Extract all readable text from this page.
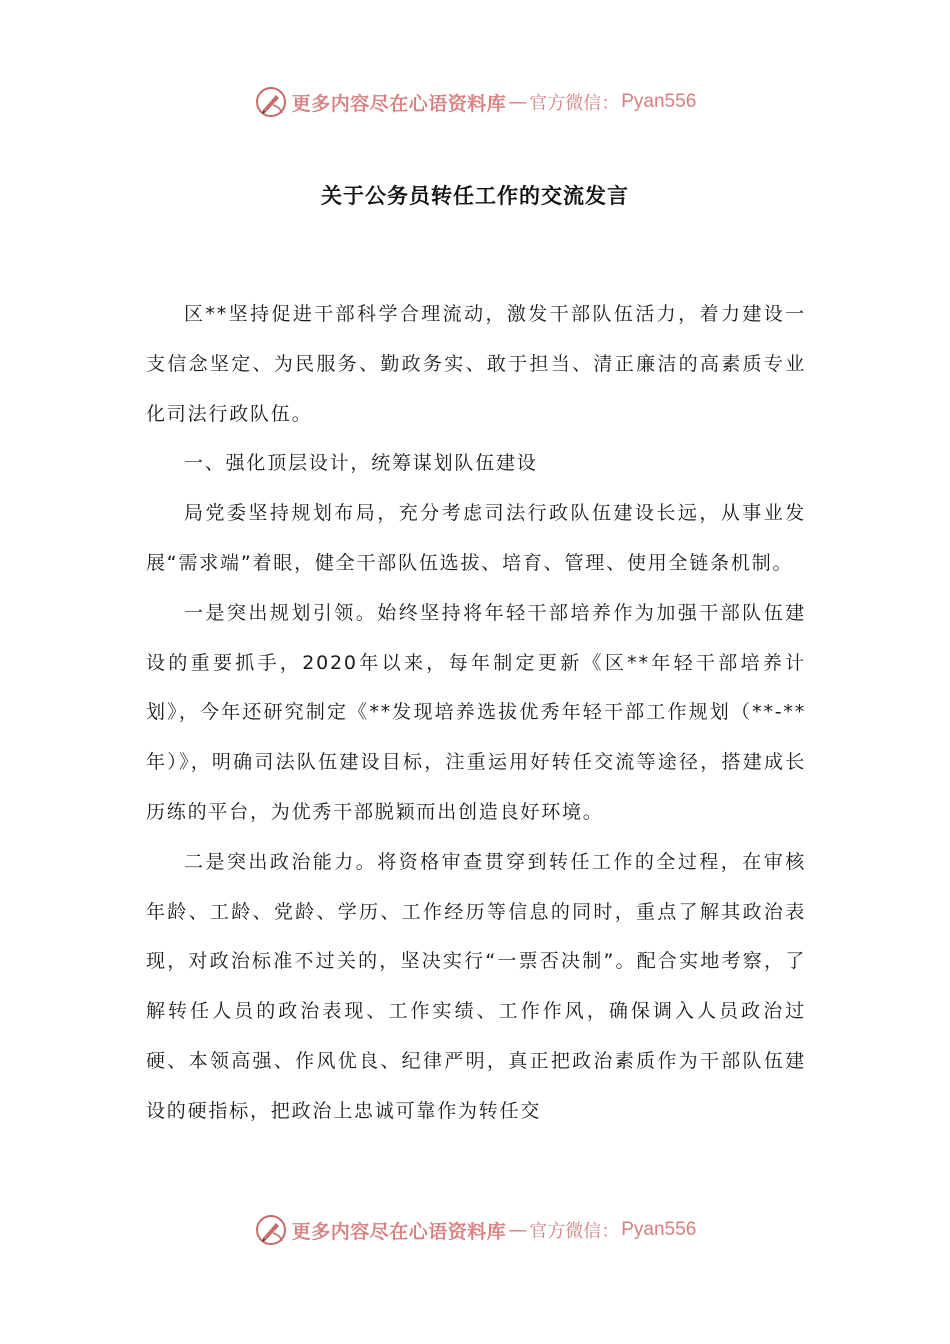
更多内容尽在心语资料库 — 官方微信： Pyan556
关于公务员转任工作的交流发言

区**坚持促进干部科学合理流动，激发干部队伍活力，着力建设一支信念坚定、为民服务、勤政务实、敢于担当、清正廉洁的高素质专业化司法行政队伍。

一、强化顶层设计，统筹谋划队伍建设

局党委坚持规划布局，充分考虑司法行政队伍建设长远，从事业发展“需求端”着眼，健全干部队伍选拔、培育、管理、使用全链条机制。

一是突出规划引领。始终坚持将年轻干部培养作为加强干部队伍建设的重要抓手，2020年以来，每年制定更新《区**年轻干部培养计划》，今年还研究制定《**发现培养选拔优秀年轻干部工作规划（**-**年）》，明确司法队伍建设目标，注重运用好转任交流等途径，搭建成长历练的平台，为优秀干部脱颖而出创造良好环境。

二是突出政治能力。将资格审查贯穿到转任工作的全过程，在审核年龄、工龄、党龄、学历、工作经历等信息的同时，重点了解其政治表现，对政治标准不过关的，坚决实行“一票否决制”。配合实地考察，了解转任人员的政治表现、工作实绩、工作作风，确保调入人员政治过硬、本领高强、作风优良、纪律严明，真正把政治素质作为干部队伍建设的硬指标，把政治上忠诚可靠作为转任交

更多内容尽在心语资料库 — 官方微信： Pyan556
